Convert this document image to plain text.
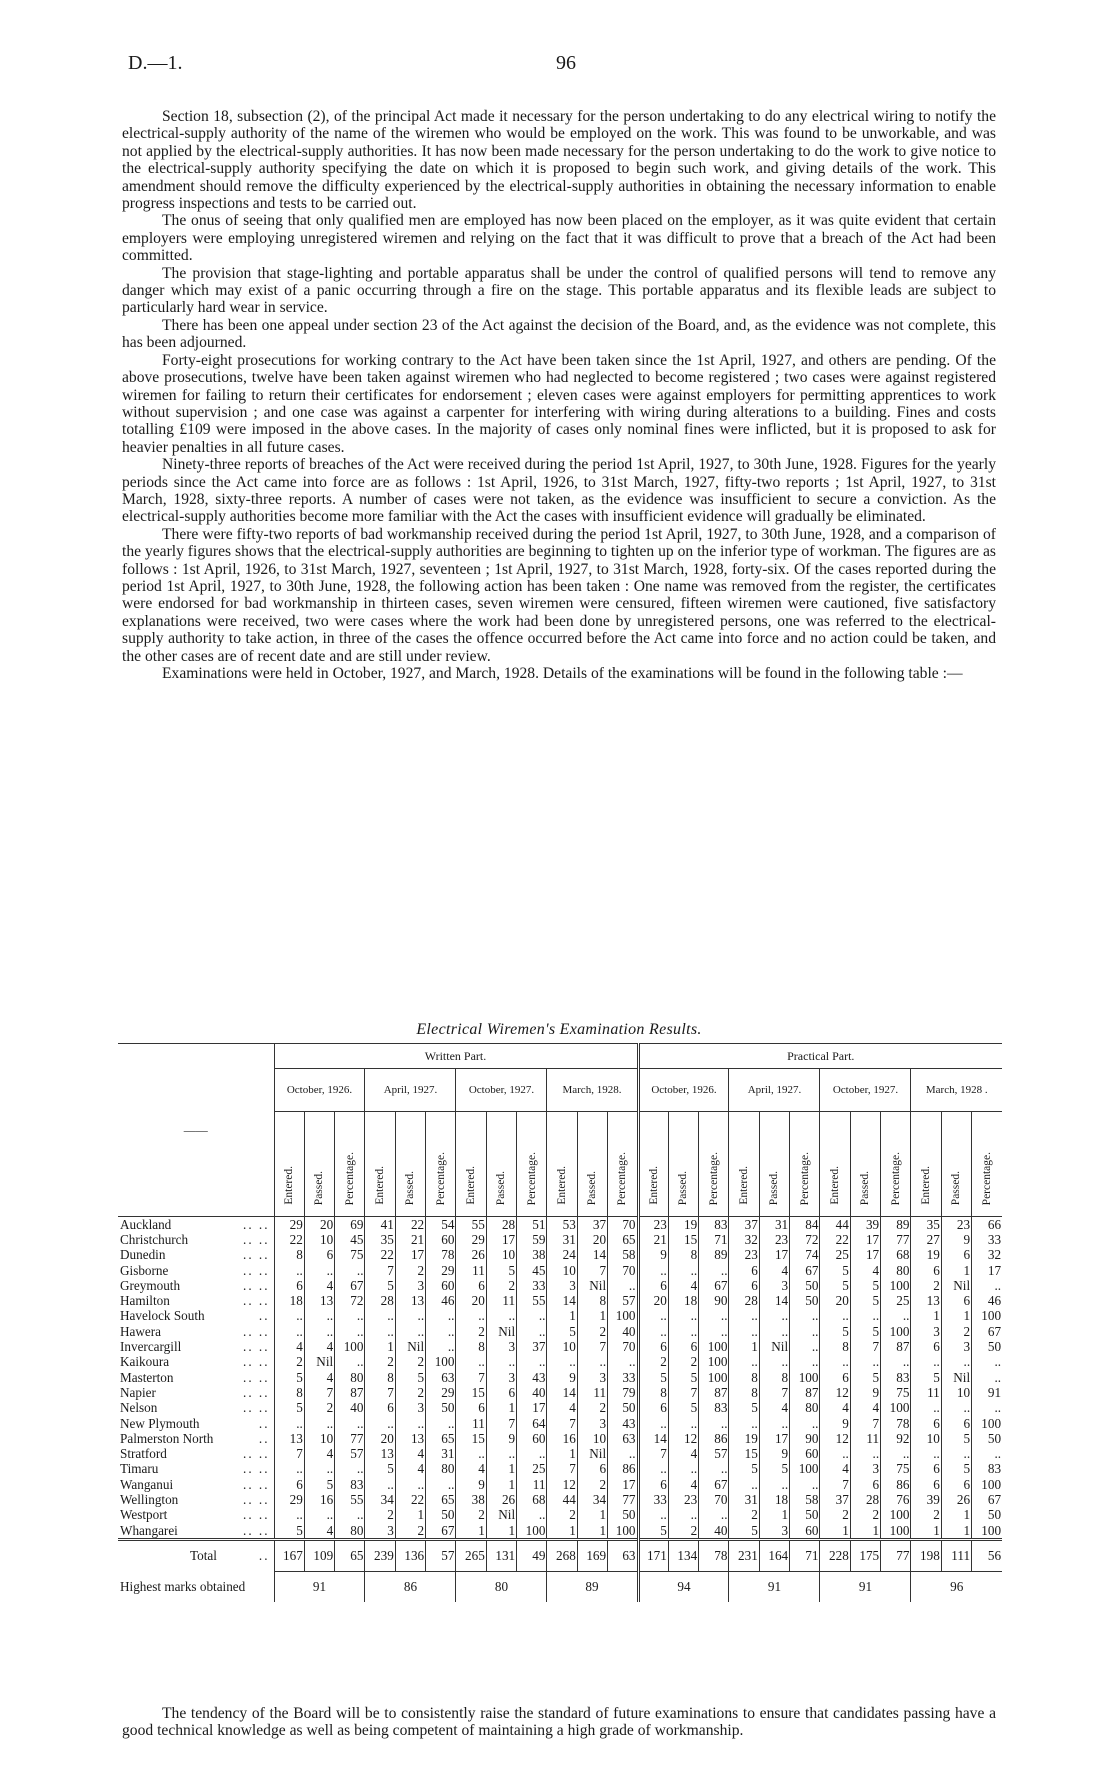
D.—1.	96

Section 18, subsection (2), of the principal Act made it necessary for the person undertaking to do any electrical wiring to notify the electrical-supply authority of the name of the wiremen who would be employed on the work. This was found to be unworkable, and was not applied by the electrical-supply authorities. It has now been made necessary for the person undertaking to do the work to give notice to the electrical-supply authority specifying the date on which it is proposed to begin such work, and giving details of the work. This amendment should remove the difficulty experienced by the electrical-supply authorities in obtaining the necessary information to enable progress inspections and tests to be carried out.

The onus of seeing that only qualified men are employed has now been placed on the employer, as it was quite evident that certain employers were employing unregistered wiremen and relying on the fact that it was difficult to prove that a breach of the Act had been committed.

The provision that stage-lighting and portable apparatus shall be under the control of qualified persons will tend to remove any danger which may exist of a panic occurring through a fire on the stage. This portable apparatus and its flexible leads are subject to particularly hard wear in service.

There has been one appeal under section 23 of the Act against the decision of the Board, and, as the evidence was not complete, this has been adjourned.

Forty-eight prosecutions for working contrary to the Act have been taken since the 1st April, 1927, and others are pending. Of the above prosecutions, twelve have been taken against wiremen who had neglected to become registered ; two cases were against registered wiremen for failing to return their certificates for endorsement ; eleven cases were against employers for permitting apprentices to work without supervision ; and one case was against a carpenter for interfering with wiring during alterations to a building. Fines and costs totalling £109 were imposed in the above cases. In the majority of cases only nominal fines were inflicted, but it is proposed to ask for heavier penalties in all future cases.

Ninety-three reports of breaches of the Act were received during the period 1st April, 1927, to 30th June, 1928. Figures for the yearly periods since the Act came into force are as follows : 1st April, 1926, to 31st March, 1927, fifty-two reports ; 1st April, 1927, to 31st March, 1928, sixty-three reports. A number of cases were not taken, as the evidence was insufficient to secure a conviction. As the electrical-supply authorities become more familiar with the Act the cases with insufficient evidence will gradually be eliminated.

There were fifty-two reports of bad workmanship received during the period 1st April, 1927, to 30th June, 1928, and a comparison of the yearly figures shows that the electrical-supply authorities are beginning to tighten up on the inferior type of workman. The figures are as follows : 1st April, 1926, to 31st March, 1927, seventeen ; 1st April, 1927, to 31st March, 1928, forty-six. Of the cases reported during the period 1st April, 1927, to 30th June, 1928, the following action has been taken : One name was removed from the register, the certificates were endorsed for bad workmanship in thirteen cases, seven wiremen were censured, fifteen wiremen were cautioned, five satisfactory explanations were received, two were cases where the work had been done by unregistered persons, one was referred to the electrical-supply authority to take action, in three of the cases the offence occurred before the Act came into force and no action could be taken, and the other cases are of recent date and are still under review.

Examinations were held in October, 1927, and March, 1928. Details of the examinations will be found in the following table :—

Electrical Wiremen's Examination Results.
——	Written Part.												Practical Part.											
	October, 1926.			April, 1927.			October, 1927.			March, 1928.			October, 1926.			April, 1927.			October, 1927.			March, 1928 .		
	Entered.	Passed.	Percentage.	Entered.	Passed.	Percentage.	Entered.	Passed.	Percentage.	Entered.	Passed.	Percentage.	Entered.	Passed.	Percentage.	Entered.	Passed.	Percentage.	Entered.	Passed.	Percentage.	Entered.	Passed.	Percentage.
Auckland .. ..	29	20	69	41	22	54	55	28	51	53	37	70	23	19	83	37	31	84	44	39	89	35	23	66
Christchurch .. ..	22	10	45	35	21	60	29	17	59	31	20	65	21	15	71	32	23	72	22	17	77	27	9	33
Dunedin .. ..	8	6	75	22	17	78	26	10	38	24	14	58	9	8	89	23	17	74	25	17	68	19	6	32
Gisborne .. ..	..	..	..	7	2	29	11	5	45	10	7	70	..	..	..	6	4	67	5	4	80	6	1	17
Greymouth .. ..	6	4	67	5	3	60	6	2	33	3	Nil	..	6	4	67	6	3	50	5	5	100	2	Nil	..
Hamilton .. ..	18	13	72	28	13	46	20	11	55	14	8	57	20	18	90	28	14	50	20	5	25	13	6	46
Havelock South ..	..	..	..	..	..	..	..	..	..	1	1	100	..	..	..	..	..	..	..	..	..	1	1	100
Hawera .. ..	..	..	..	..	..	..	2	Nil	..	5	2	40	..	..	..	..	..	..	5	5	100	3	2	67
Invercargill .. ..	4	4	100	1	Nil	..	8	3	37	10	7	70	6	6	100	1	Nil	..	8	7	87	6	3	50
Kaikoura .. ..	2	Nil	..	2	2	100	..	..	..	..	..	..	2	2	100	..	..	..	..	..	..	..	..	..
Masterton .. ..	5	4	80	8	5	63	7	3	43	9	3	33	5	5	100	8	8	100	6	5	83	5	Nil	..
Napier .. ..	8	7	87	7	2	29	15	6	40	14	11	79	8	7	87	8	7	87	12	9	75	11	10	91
Nelson .. ..	5	2	40	6	3	50	6	1	17	4	2	50	6	5	83	5	4	80	4	4	100	..	..	..
New Plymouth ..	..	..	..	..	..	..	11	7	64	7	3	43	..	..	..	..	..	..	9	7	78	6	6	100
Palmerston North ..	13	10	77	20	13	65	15	9	60	16	10	63	14	12	86	19	17	90	12	11	92	10	5	50
Stratford .. ..	7	4	57	13	4	31	..	..	..	1	Nil	..	7	4	57	15	9	60	..	..	..	..	..	..
Timaru .. ..	..	..	..	5	4	80	4	1	25	7	6	86	..	..	..	5	5	100	4	3	75	6	5	83
Wanganui .. ..	6	5	83	..	..	..	9	1	11	12	2	17	6	4	67	..	..	..	7	6	86	6	6	100
Wellington .. ..	29	16	55	34	22	65	38	26	68	44	34	77	33	23	70	31	18	58	37	28	76	39	26	67
Westport .. ..	..	..	..	2	1	50	2	Nil	..	2	1	50	..	..	..	2	1	50	2	2	100	2	1	50
Whangarei .. ..	5	4	80	3	2	67	1	1	100	1	1	100	5	2	40	5	3	60	1	1	100	1	1	100
Total ..	167	109	65	239	136	57	265	131	49	268	169	63	171	134	78	231	164	71	228	175	77	198	111	56
Highest marks obtained	91			86			80			89			94			91			91			96		

The tendency of the Board will be to consistently raise the standard of future examinations to ensure that candidates passing have a good technical knowledge as well as being competent of maintaining a high grade of workmanship.
